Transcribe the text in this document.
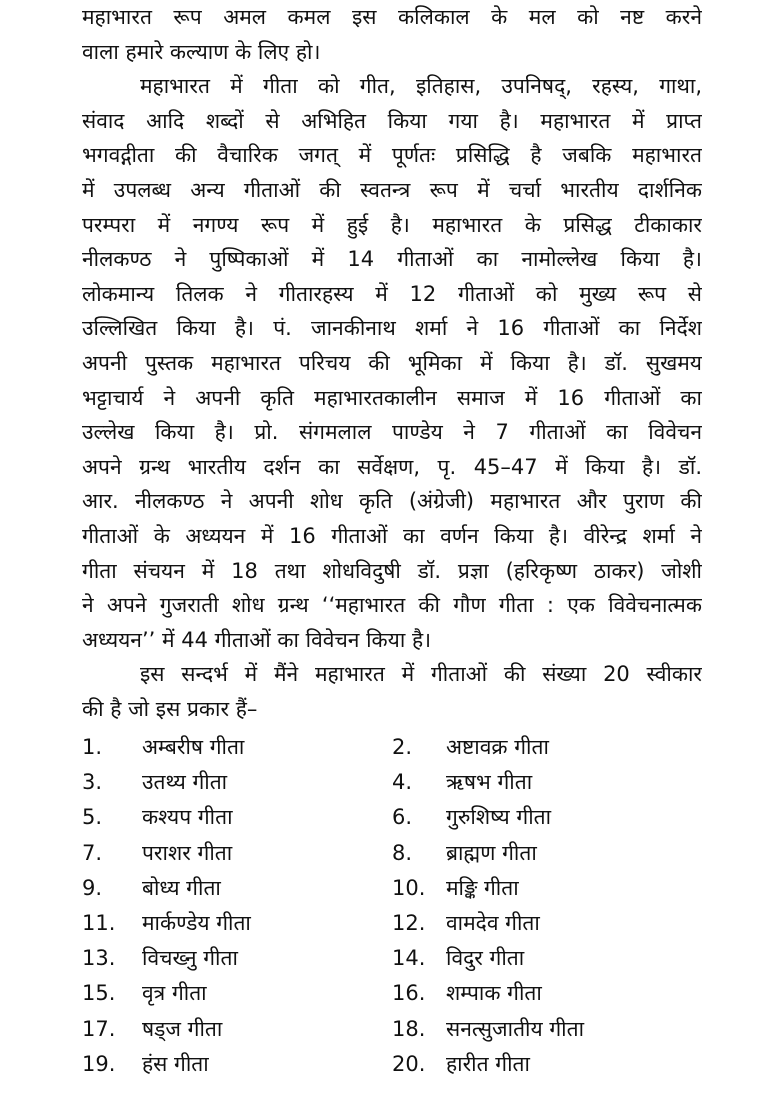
महाभारत रूप अमल कमल इस कलिकाल के मल को नष्ट करने
वाला हमारे कल्याण के लिए हो।
महाभारत में गीता को गीत, इतिहास, उपनिषद्, रहस्य, गाथा,
संवाद आदि शब्दों से अभिहित किया गया है। महाभारत में प्राप्त
भगवद्गीता की वैचारिक जगत् में पूर्णतः प्रसिद्धि है जबकि महाभारत
में उपलब्ध अन्य गीताओं की स्वतन्त्र रूप में चर्चा भारतीय दार्शनिक
परम्परा में नगण्य रूप में हुई है। महाभारत के प्रसिद्ध टीकाकार
नीलकण्ठ ने पुष्पिकाओं में 14 गीताओं का नामोल्लेख किया है।
लोकमान्य तिलक ने गीतारहस्य में 12 गीताओं को मुख्य रूप से
उल्लिखित किया है। पं. जानकीनाथ शर्मा ने 16 गीताओं का निर्देश
अपनी पुस्तक महाभारत परिचय की भूमिका में किया है। डॉ. सुखमय
भट्टाचार्य ने अपनी कृति महाभारतकालीन समाज में 16 गीताओं का
उल्लेख किया है। प्रो. संगमलाल पाण्डेय ने 7 गीताओं का विवेचन
अपने ग्रन्थ भारतीय दर्शन का सर्वेक्षण, पृ. 45–47 में किया है। डॉ.
आर. नीलकण्ठ ने अपनी शोध कृति (अंग्रेजी) महाभारत और पुराण की
गीताओं के अध्ययन में 16 गीताओं का वर्णन किया है। वीरेन्द्र शर्मा ने
गीता संचयन में 18 तथा शोधविदुषी डॉ. प्रज्ञा (हरिकृष्ण ठाकर) जोशी
ने अपने गुजराती शोध ग्रन्थ ‘‘महाभारत की गौण गीता : एक विवेचनात्मक
अध्ययन’’ में 44 गीताओं का विवेचन किया है।
इस सन्दर्भ में मैंने महाभारत में गीताओं की संख्या 20 स्वीकार
की है जो इस प्रकार हैं–
1.	अम्बरीष गीता	2.	अष्टावक्र गीता
3.	उतथ्य गीता	4.	ऋषभ गीता
5.	कश्यप गीता	6.	गुरुशिष्य गीता
7.	पराशर गीता	8.	ब्राह्मण गीता
9.	बोध्य गीता	10. मङ्कि गीता
11.	मार्कण्डेय गीता	12. वामदेव गीता
13.	विचख्नु गीता	14. विदुर गीता
15.	वृत्र गीता	16. शम्पाक गीता
17.	षड्ज गीता	18. सनत्सुजातीय गीता
19.	हंस गीता	20. हारीत गीता
